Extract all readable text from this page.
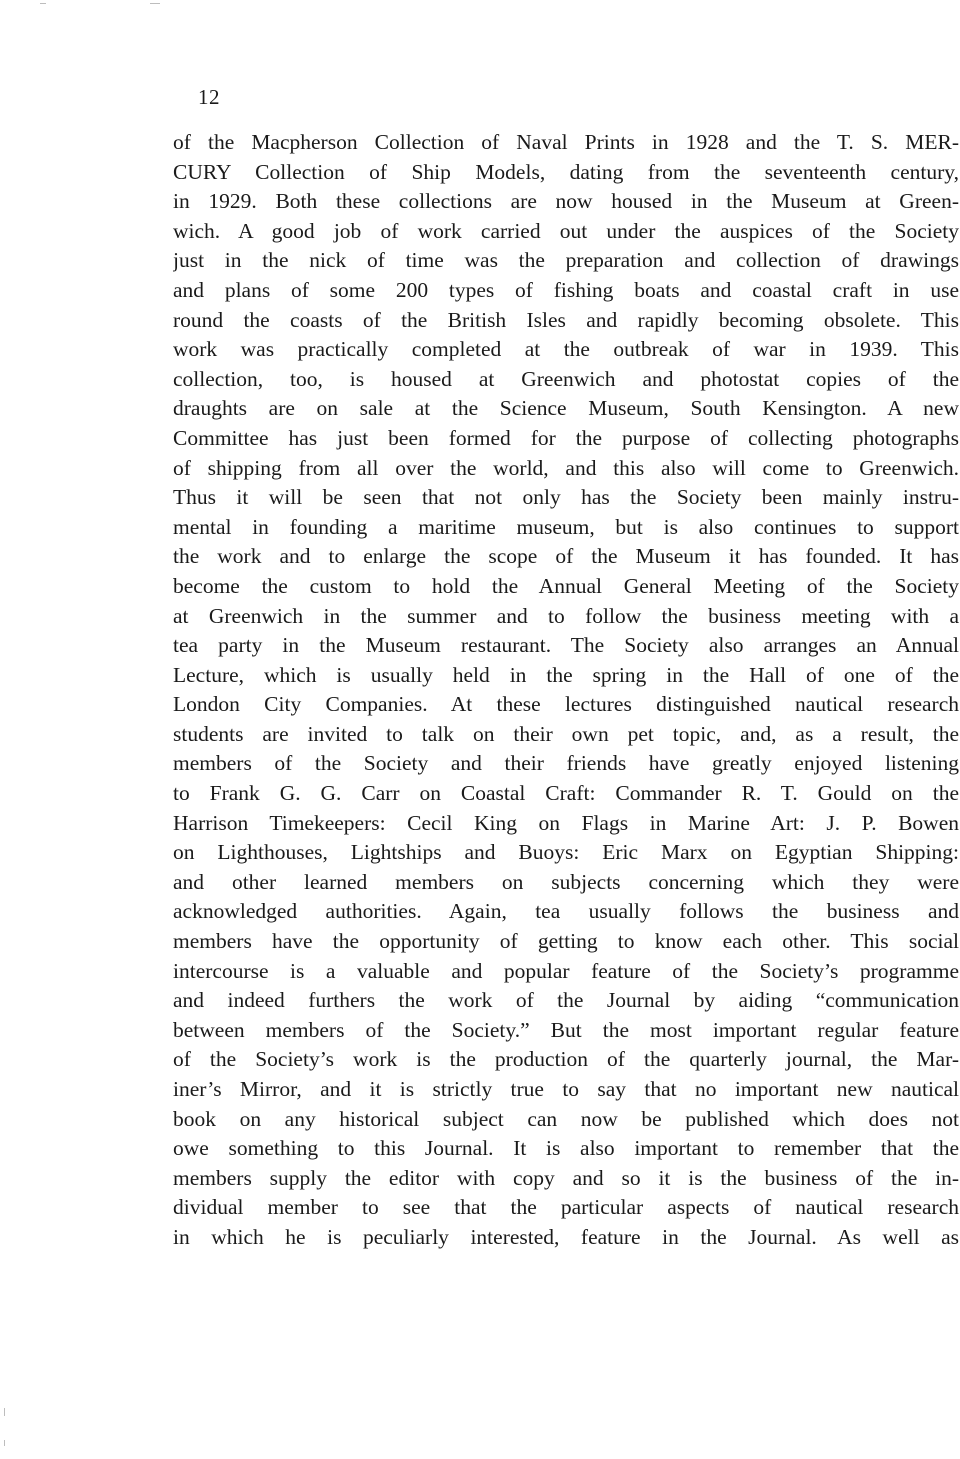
12
of the Macpherson Collection of Naval Prints in 1928 and the T. S. MER-
CURY Collection of Ship Models, dating from the seventeenth century,
in 1929. Both these collections are now housed in the Museum at Green-
wich. A good job of work carried out under the auspices of the Society
just in the nick of time was the preparation and collection of drawings
and plans of some 200 types of fishing boats and coastal craft in use
round the coasts of the British Isles and rapidly becoming obsolete. This
work was practically completed at the outbreak of war in 1939. This
collection, too, is housed at Greenwich and photostat copies of the
draughts are on sale at the Science Museum, South Kensington. A new
Committee has just been formed for the purpose of collecting photographs
of shipping from all over the world, and this also will come to Greenwich.
Thus it will be seen that not only has the Society been mainly instru-
mental in founding a maritime museum, but is also continues to support
the work and to enlarge the scope of the Museum it has founded. It has
become the custom to hold the Annual General Meeting of the Society
at Greenwich in the summer and to follow the business meeting with a
tea party in the Museum restaurant. The Society also arranges an Annual
Lecture, which is usually held in the spring in the Hall of one of the
London City Companies. At these lectures distinguished nautical research
students are invited to talk on their own pet topic, and, as a result, the
members of the Society and their friends have greatly enjoyed listening
to Frank G. G. Carr on Coastal Craft: Commander R. T. Gould on the
Harrison Timekeepers: Cecil King on Flags in Marine Art: J. P. Bowen
on Lighthouses, Lightships and Buoys: Eric Marx on Egyptian Shipping:
and other learned members on subjects concerning which they were
acknowledged authorities. Again, tea usually follows the business and
members have the opportunity of getting to know each other. This social
intercourse is a valuable and popular feature of the Society’s programme
and indeed furthers the work of the Journal by aiding “communication
between members of the Society.” But the most important regular feature
of the Society’s work is the production of the quarterly journal, the Mar-
iner’s Mirror, and it is strictly true to say that no important new nautical
book on any historical subject can now be published which does not
owe something to this Journal. It is also important to remember that the
members supply the editor with copy and so it is the business of the in-
dividual member to see that the particular aspects of nautical research
in which he is peculiarly interested, feature in the Journal. As well as
